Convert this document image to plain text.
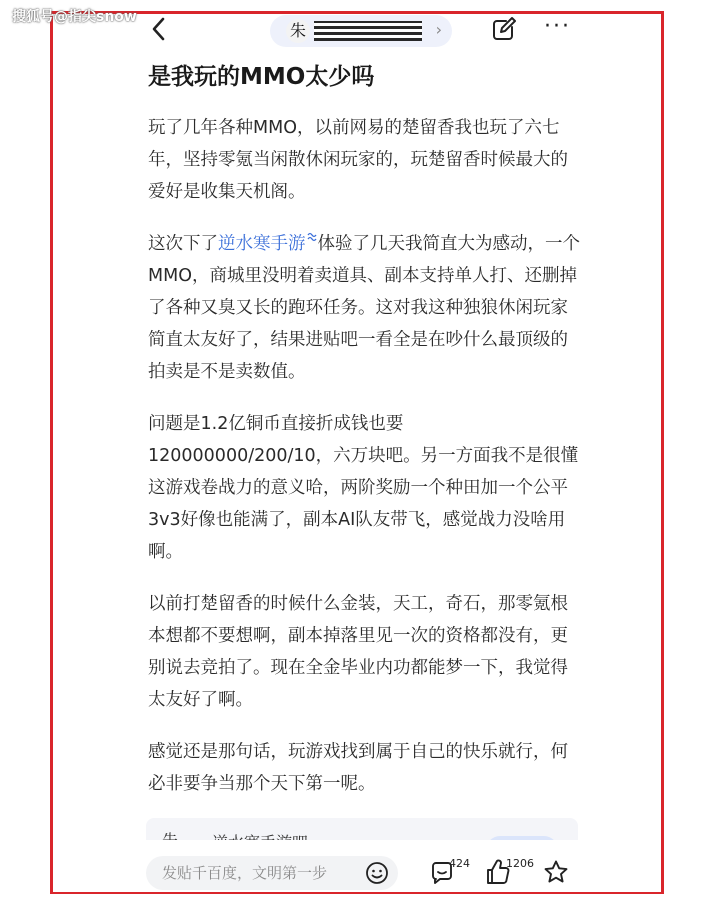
搜狐号@指尖snow
朱	›	···
是我玩的MMO太少吗

玩了几年各种MMO，以前网易的楚留香我也玩了六七年，坚持零氪当闲散休闲玩家的，玩楚留香时候最大的爱好是收集天机阁。

这次下了逆水寒手游 体验了几天我简直大为感动，一个MMO，商城里没明着卖道具、副本支持单人打、还删掉了各种又臭又长的跑环任务。这对我这种独狼休闲玩家简直太友好了，结果进贴吧一看全是在吵什么最顶级的拍卖是不是卖数值。

问题是1.2亿铜币直接折成钱也要120000000/200/10，六万块吧。另一方面我不是很懂这游戏卷战力的意义哈，两阶奖励一个种田加一个公平3v3好像也能满了，副本AI队友带飞，感觉战力没啥用啊。

以前打楚留香的时候什么金装，天工，奇石，那零氪根本想都不要想啊，副本掉落里见一次的资格都没有，更别说去竞拍了。现在全金毕业内功都能梦一下，我觉得太友好了啊。

感觉还是那句话，玩游戏找到属于自己的快乐就行，何必非要争当那个天下第一呢。

发贴千百度，文明第一步
424	1206
